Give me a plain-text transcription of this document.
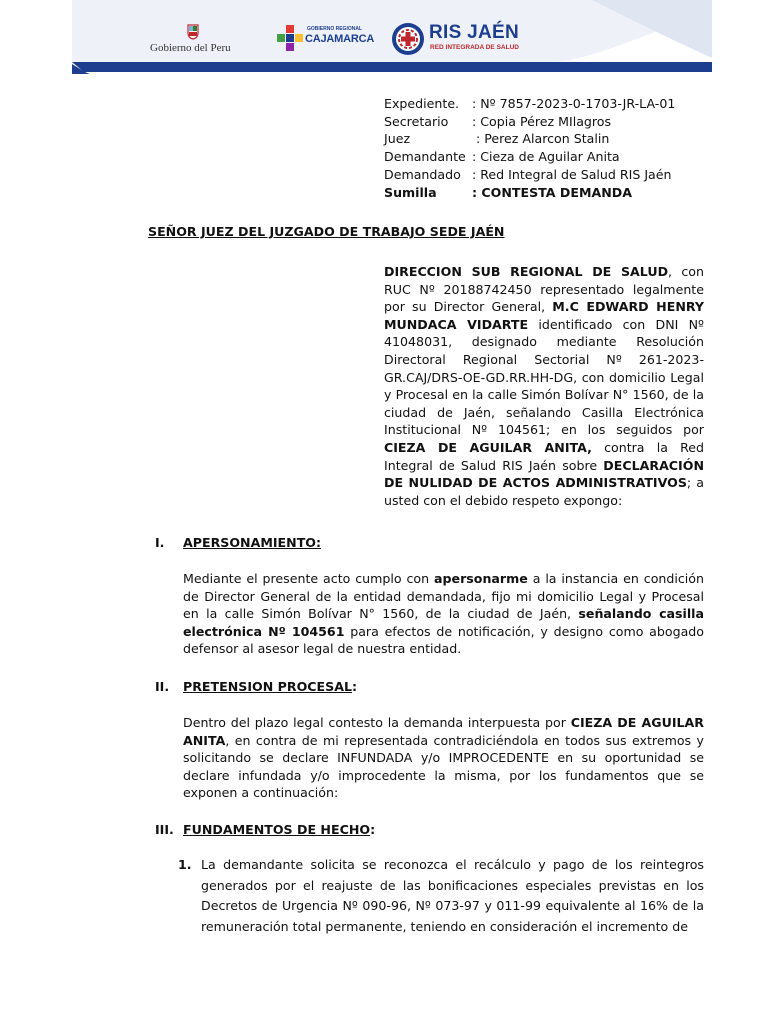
Gobierno del Peru
GOBIERNO REGIONAL
CAJAMARCA	RIS JAÉN
RED INTEGRADA DE SALUD
Expediente. : Nº 7857-2023-0-1703-JR-LA-01
Secretario : Copia Pérez MIlagros
Juez	: Perez Alarcon Stalin
Demandante : Cieza de Aguilar Anita
Demandado : Red Integral de Salud RIS Jaén
Sumilla	: CONTESTA DEMANDA
SEÑOR JUEZ DEL JUZGADO DE TRABAJO SEDE JAÉN
DIRECCION SUB REGIONAL DE SALUD, con RUC Nº 20188742450 representado legalmente por su Director General, M.C EDWARD HENRY MUNDACA VIDARTE identificado con DNI Nº 41048031, designado mediante Resolución Directoral Regional Sectorial Nº 261-2023-GR.CAJ/DRS-OE-GD.RR.HH-DG, con domicilio Legal y Procesal en la calle Simón Bolívar N° 1560, de la ciudad de Jaén, señalando Casilla Electrónica Institucional Nº 104561; en los seguidos por CIEZA DE AGUILAR ANITA, contra la Red Integral de Salud RIS Jaén sobre DECLARACIÓN DE NULIDAD DE ACTOS ADMINISTRATIVOS; a usted con el debido respeto expongo:
I. APERSONAMIENTO:
Mediante el presente acto cumplo con apersonarme a la instancia en condición de Director General de la entidad demandada, fijo mi domicilio Legal y Procesal en la calle Simón Bolívar N° 1560, de la ciudad de Jaén, señalando casilla electrónica Nº 104561 para efectos de notificación, y designo como abogado defensor al asesor legal de nuestra entidad.
II. PRETENSION PROCESAL:
Dentro del plazo legal contesto la demanda interpuesta por CIEZA DE AGUILAR ANITA, en contra de mi representada contradiciéndola en todos sus extremos y solicitando se declare INFUNDADA y/o IMPROCEDENTE en su oportunidad se declare infundada y/o improcedente la misma, por los fundamentos que se exponen a continuación:
III. FUNDAMENTOS DE HECHO:
1. La demandante solicita se reconozca el recálculo y pago de los reintegros generados por el reajuste de las bonificaciones especiales previstas en los Decretos de Urgencia Nº 090-96, Nº 073-97 y 011-99 equivalente al 16% de la remuneración total permanente, teniendo en consideración el incremento de
